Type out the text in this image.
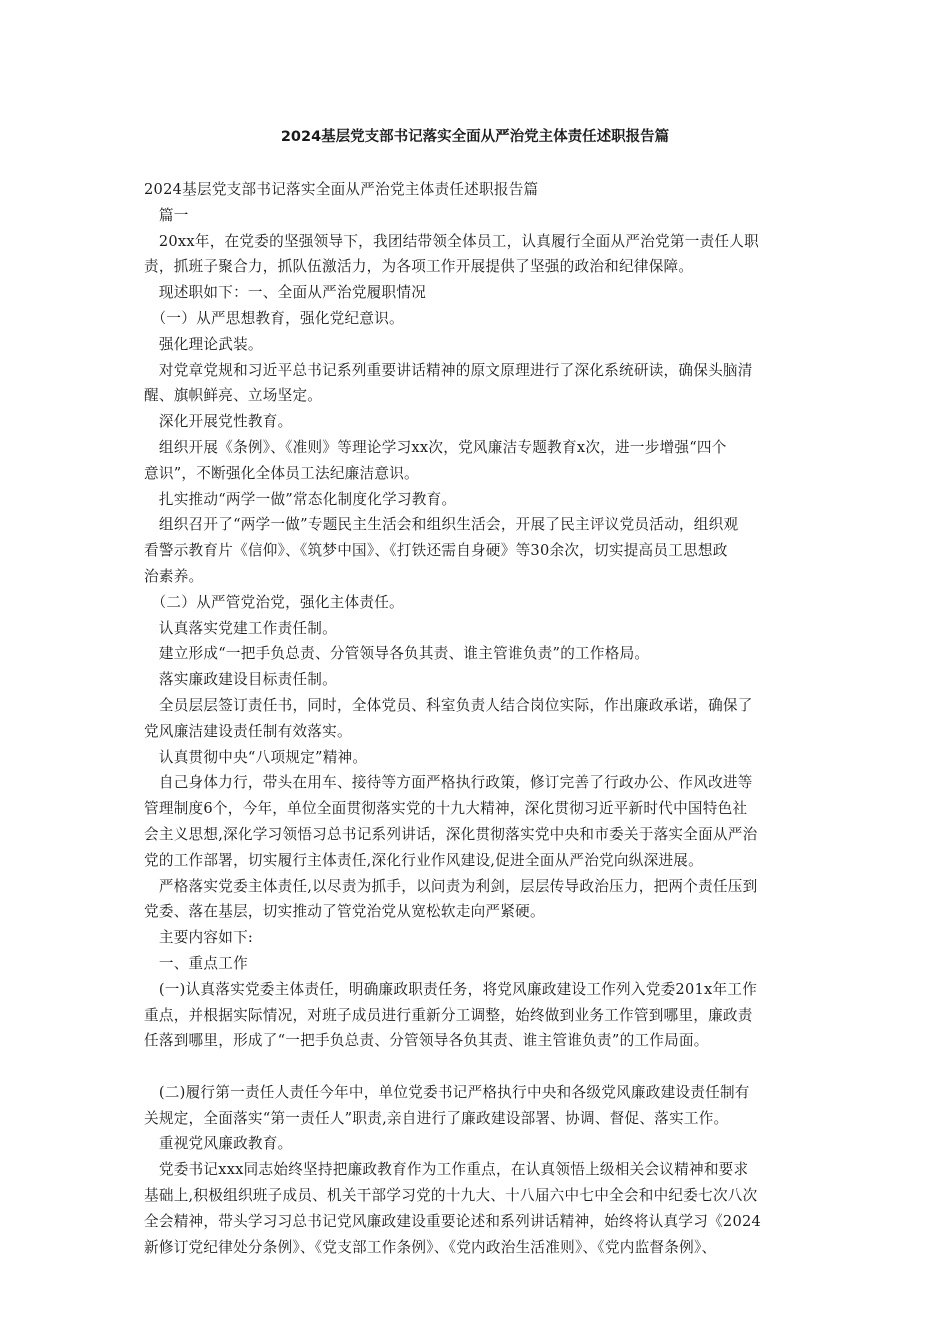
2024基层党支部书记落实全面从严治党主体责任述职报告篇
2024基层党支部书记落实全面从严治党主体责任述职报告篇
　篇一
　20xx年，在党委的坚强领导下，我团结带领全体员工，认真履行全面从严治党第一责任人职
责，抓班子聚合力，抓队伍激活力，为各项工作开展提供了坚强的政治和纪律保障。
　现述职如下：一、全面从严治党履职情况
　（一）从严思想教育，强化党纪意识。
　强化理论武装。
　对党章党规和习近平总书记系列重要讲话精神的原文原理进行了深化系统研读，确保头脑清
醒、旗帜鲜亮、立场坚定。
　深化开展党性教育。
　组织开展《条例》、《准则》等理论学习xx次，党风廉洁专题教育x次，进一步增强“四个
意识”，不断强化全体员工法纪廉洁意识。
　扎实推动“两学一做”常态化制度化学习教育。
　组织召开了“两学一做”专题民主生活会和组织生活会，开展了民主评议党员活动，组织观
看警示教育片《信仰》、《筑梦中国》、《打铁还需自身硬》等30余次，切实提高员工思想政
治素养。
　（二）从严管党治党，强化主体责任。
　认真落实党建工作责任制。
　建立形成“一把手负总责、分管领导各负其责、谁主管谁负责”的工作格局。
　落实廉政建设目标责任制。
　全员层层签订责任书，同时，全体党员、科室负责人结合岗位实际，作出廉政承诺，确保了
党风廉洁建设责任制有效落实。
　认真贯彻中央“八项规定”精神。
　自己身体力行，带头在用车、接待等方面严格执行政策，修订完善了行政办公、作风改进等
管理制度6个，今年，单位全面贯彻落实党的十九大精神，深化贯彻习近平新时代中国特色社
会主义思想,深化学习领悟习总书记系列讲话，深化贯彻落实党中央和市委关于落实全面从严治
党的工作部署，切实履行主体责任,深化行业作风建设,促进全面从严治党向纵深进展。
　严格落实党委主体责任,以尽责为抓手，以问责为利剑，层层传导政治压力，把两个责任压到
党委、落在基层，切实推动了管党治党从宽松软走向严紧硬。
　主要内容如下:
　一、重点工作
　(一)认真落实党委主体责任，明确廉政职责任务，将党风廉政建设工作列入党委201x年工作
重点，并根据实际情况，对班子成员进行重新分工调整，始终做到业务工作管到哪里，廉政责
任落到哪里，形成了“一把手负总责、分管领导各负其责、谁主管谁负责”的工作局面。
　(二)履行第一责任人责任今年中，单位党委书记严格执行中央和各级党风廉政建设责任制有
关规定，全面落实“第一责任人”职责,亲自进行了廉政建设部署、协调、督促、落实工作。
　重视党风廉政教育。
　党委书记xxx同志始终坚持把廉政教育作为工作重点，在认真领悟上级相关会议精神和要求
基础上,积极组织班子成员、机关干部学习党的十九大、十八届六中七中全会和中纪委七次八次
全会精神，带头学习习总书记党风廉政建设重要论述和系列讲话精神，始终将认真学习《2024
新修订党纪律处分条例》、《党支部工作条例》、《党内政治生活准则》、《党内监督条例》、
